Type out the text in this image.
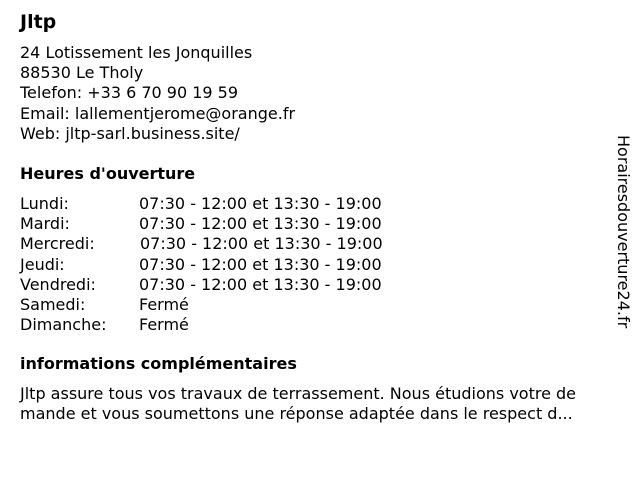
Jltp
24 Lotissement les Jonquilles
88530 Le Tholy
Telefon: +33 6 70 90 19 59
Email: lallementjerome@orange.fr
Web: jltp-sarl.business.site/
Heures d'ouverture
Lundi:	07:30 - 12:00 et 13:30 - 19:00
Mardi:	07:30 - 12:00 et 13:30 - 19:00
Mercredi:	07:30 - 12:00 et 13:30 - 19:00
Jeudi:	07:30 - 12:00 et 13:30 - 19:00
Vendredi:	07:30 - 12:00 et 13:30 - 19:00
Samedi:	Fermé
Dimanche: Fermé
informations complémentaires
Jltp assure tous vos travaux de terrassement. Nous étudions votre de
mande et vous soumettons une réponse adaptée dans le respect d...
Horairesdouverture24.fr
